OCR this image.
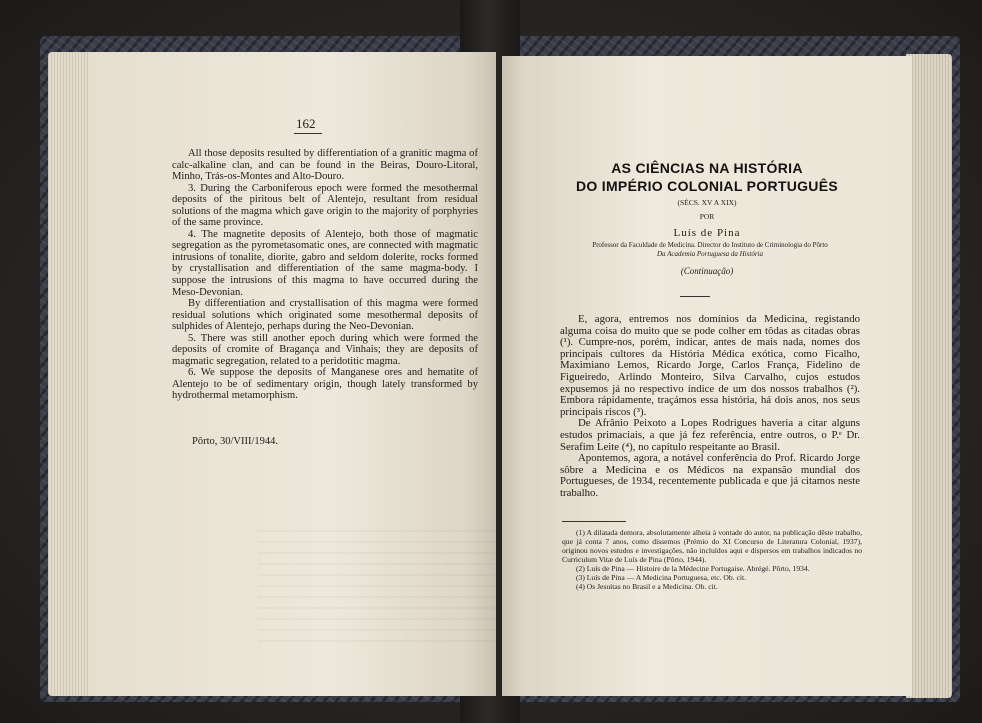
162

All those deposits resulted by differentiation of a granitic magma of calc-alkaline clan, and can be found in the Beiras, Douro-Litoral, Minho, Trás-os-Montes and Alto-Douro.

3. During the Carboniferous epoch were formed the mesothermal deposits of the piritous belt of Alentejo, resultant from residual solutions of the magma which gave origin to the majority of porphyries of the same province.

4. The magnetite deposits of Alentejo, both those of magmatic segregation as the pyrometasomatic ones, are connected with magmatic intrusions of tonalite, diorite, gabro and seldom dolerite, rocks formed by crystallisation and differentiation of the same magma-body. I suppose the intrusions of this magma to have occurred during the Meso-Devonian.

By differentiation and crystallisation of this magma were formed residual solutions which originated some mesothermal deposits of sulphides of Alentejo, perhaps during the Neo-Devonian.

5. There was still another epoch during which were formed the deposits of cromite of Bragança and Vinhais; they are deposits of magmatic segregation, related to a peridotitic magma.

6. We suppose the deposits of Manganese ores and hematite of Alentejo to be of sedimentary origin, though lately transformed by hydrothermal metamorphism.

Pôrto, 30/VIII/1944.
AS CIÊNCIAS NA HISTÓRIA
DO IMPÉRIO COLONIAL PORTUGUÊS
(SÉCS. XV A XIX)
POR
Luís de Pina
Professor da Faculdade de Medicina. Director do Instituto de Criminologia do Pôrto
Da Academia Portuguesa da História
(Continuação)

E, agora, entremos nos domínios da Medicina, registando alguma coisa do muito que se pode colher em tôdas as citadas obras (¹). Cumpre-nos, porém, indicar, antes de mais nada, nomes dos principais cultores da História Médica exótica, como Ficalho, Maximiano Lemos, Ricardo Jorge, Carlos França, Fidelino de Figueiredo, Arlindo Monteiro, Silva Carvalho, cujos estudos expusemos já no respectivo índice de um dos nossos trabalhos (²). Embora rápidamente, traçámos essa história, há dois anos, nos seus principais riscos (³).

De Afrânio Peixoto a Lopes Rodrigues haveria a citar alguns estudos primaciais, a que já fez referência, entre outros, o P.ᵉ Dr. Serafim Leite (⁴), no capítulo respeitante ao Brasil.

Apontemos, agora, a notável conferência do Prof. Ricardo Jorge sôbre a Medicina e os Médicos na expansão mundial dos Portugueses, de 1934, recentemente publicada e que já citamos neste trabalho.

(1) A dilatada demora, absolutamente alheia à vontade do autor, na publicação dêste trabalho, que já conta 7 anos, como dissemos (Prémio do XI Concurso de Literatura Colonial, 1937), originou novos estudos e investigações, não incluídos aqui e dispersos em trabalhos indicados no Curriculum Vitæ de Luís de Pina (Pôrto, 1944).

(2) Luís de Pina — Histoire de la Médecine Portugaise. Abrégé. Pôrto, 1934.

(3) Luís de Pina — A Medicina Portuguesa, etc. Ob. cit.

(4) Os Jesuítas no Brasil e a Medicina. Ob. cit.
